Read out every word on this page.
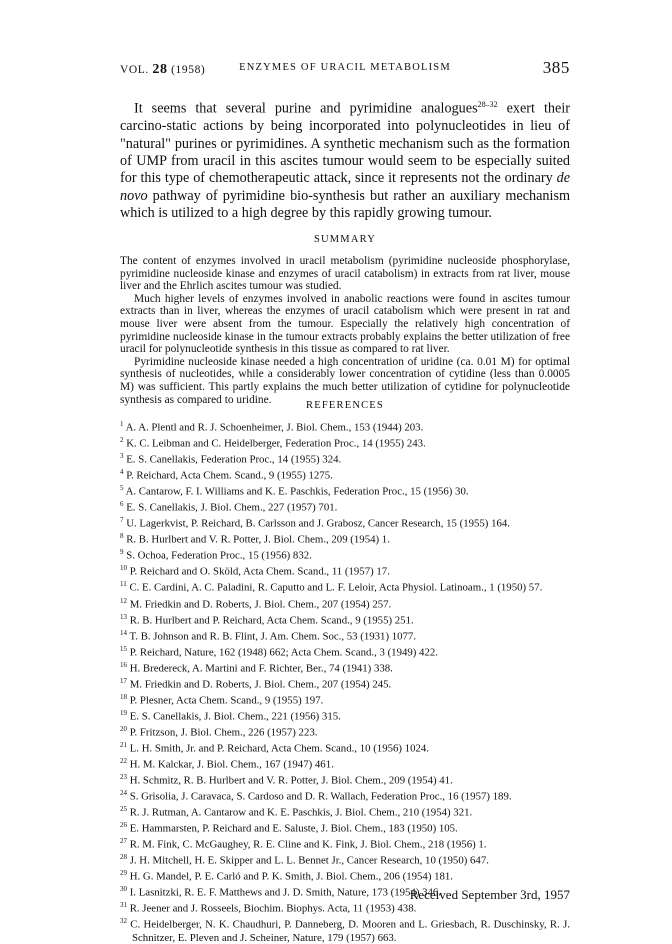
VOL. 28 (1958)	ENZYMES OF URACIL METABOLISM	385

It seems that several purine and pyrimidine analogues$^{28-32}$ exert their carcino-static actions by being incorporated into polynucleotides in lieu of "natural" purines or pyrimidines. A synthetic mechanism such as the formation of UMP from uracil in this ascites tumour would seem to be especially suited for this type of chemotherapeutic attack, since it represents not the ordinary de novo pathway of pyrimidine bio-synthesis but rather an auxiliary mechanism which is utilized to a high degree by this rapidly growing tumour.

SUMMARY

The content of enzymes involved in uracil metabolism (pyrimidine nucleoside phosphorylase, pyrimidine nucleoside kinase and enzymes of uracil catabolism) in extracts from rat liver, mouse liver and the Ehrlich ascites tumour was studied.

Much higher levels of enzymes involved in anabolic reactions were found in ascites tumour extracts than in liver, whereas the enzymes of uracil catabolism which were present in rat and mouse liver were absent from the tumour. Especially the relatively high concentration of pyrimidine nucleoside kinase in the tumour extracts probably explains the better utilization of free uracil for polynucleotide synthesis in this tissue as compared to rat liver.

Pyrimidine nucleoside kinase needed a high concentration of uridine (ca. 0.01 M) for optimal synthesis of nucleotides, while a considerably lower concentration of cytidine (less than 0.0005 M) was sufficient. This partly explains the much better utilization of cytidine for polynucleotide synthesis as compared to uridine.	REFERENCES
$^1$ A. A. Plentl and R. J. Schoenheimer, J. Biol. Chem., 153 (1944) 203.
$^2$ K. C. Leibman and C. Heidelberger, Federation Proc., 14 (1955) 243.
$^3$ E. S. Canellakis, Federation Proc., 14 (1955) 324.
$^4$ P. Reichard, Acta Chem. Scand., 9 (1955) 1275.
$^5$ A. Cantarow, F. I. Williams and K. E. Paschkis, Federation Proc., 15 (1956) 30.
$^6$ E. S. Canellakis, J. Biol. Chem., 227 (1957) 701.
$^7$ U. Lagerkvist, P. Reichard, B. Carlsson and J. Grabosz, Cancer Research, 15 (1955) 164.
$^8$ R. B. Hurlbert and V. R. Potter, J. Biol. Chem., 209 (1954) 1.
$^9$ S. Ochoa, Federation Proc., 15 (1956) 832.
$^{10}$ P. Reichard and O. Sköld, Acta Chem. Scand., 11 (1957) 17.
$^{11}$ C. E. Cardini, A. C. Paladini, R. Caputto and L. F. Leloir, Acta Physiol. Latinoam., 1 (1950) 57.
$^{12}$ M. Friedkin and D. Roberts, J. Biol. Chem., 207 (1954) 257.
$^{13}$ R. B. Hurlbert and P. Reichard, Acta Chem. Scand., 9 (1955) 251.
$^{14}$ T. B. Johnson and R. B. Flint, J. Am. Chem. Soc., 53 (1931) 1077.
$^{15}$ P. Reichard, Nature, 162 (1948) 662; Acta Chem. Scand., 3 (1949) 422.
$^{16}$ H. Bredereck, A. Martini and F. Richter, Ber., 74 (1941) 338.
$^{17}$ M. Friedkin and D. Roberts, J. Biol. Chem., 207 (1954) 245.
$^{18}$ P. Plesner, Acta Chem. Scand., 9 (1955) 197.
$^{19}$ E. S. Canellakis, J. Biol. Chem., 221 (1956) 315.
$^{20}$ P. Fritzson, J. Biol. Chem., 226 (1957) 223.
$^{21}$ L. H. Smith, Jr. and P. Reichard, Acta Chem. Scand., 10 (1956) 1024.
$^{22}$ H. M. Kalckar, J. Biol. Chem., 167 (1947) 461.
$^{23}$ H. Schmitz, R. B. Hurlbert and V. R. Potter, J. Biol. Chem., 209 (1954) 41.
$^{24}$ S. Grisolia, J. Caravaca, S. Cardoso and D. R. Wallach, Federation Proc., 16 (1957) 189.
$^{25}$ R. J. Rutman, A. Cantarow and K. E. Paschkis, J. Biol. Chem., 210 (1954) 321.
$^{26}$ E. Hammarsten, P. Reichard and E. Saluste, J. Biol. Chem., 183 (1950) 105.
$^{27}$ R. M. Fink, C. McGaughey, R. E. Cline and K. Fink, J. Biol. Chem., 218 (1956) 1.
$^{28}$ J. H. Mitchell, H. E. Skipper and L. L. Bennet Jr., Cancer Research, 10 (1950) 647.
$^{29}$ H. G. Mandel, P. E. Carló and P. K. Smith, J. Biol. Chem., 206 (1954) 181.
$^{30}$ I. Lasnitzki, R. E. F. Matthews and J. D. Smith, Nature, 173 (1954) 346.
$^{31}$ R. Jeener and J. Rosseels, Biochim. Biophys. Acta, 11 (1953) 438.
$^{32}$ C. Heidelberger, N. K. Chaudhuri, P. Danneberg, D. Mooren and L. Griesbach, R. Duschinsky, R. J. Schnitzer, E. Pleven and J. Scheiner, Nature, 179 (1957) 663.
Received September 3rd, 1957
